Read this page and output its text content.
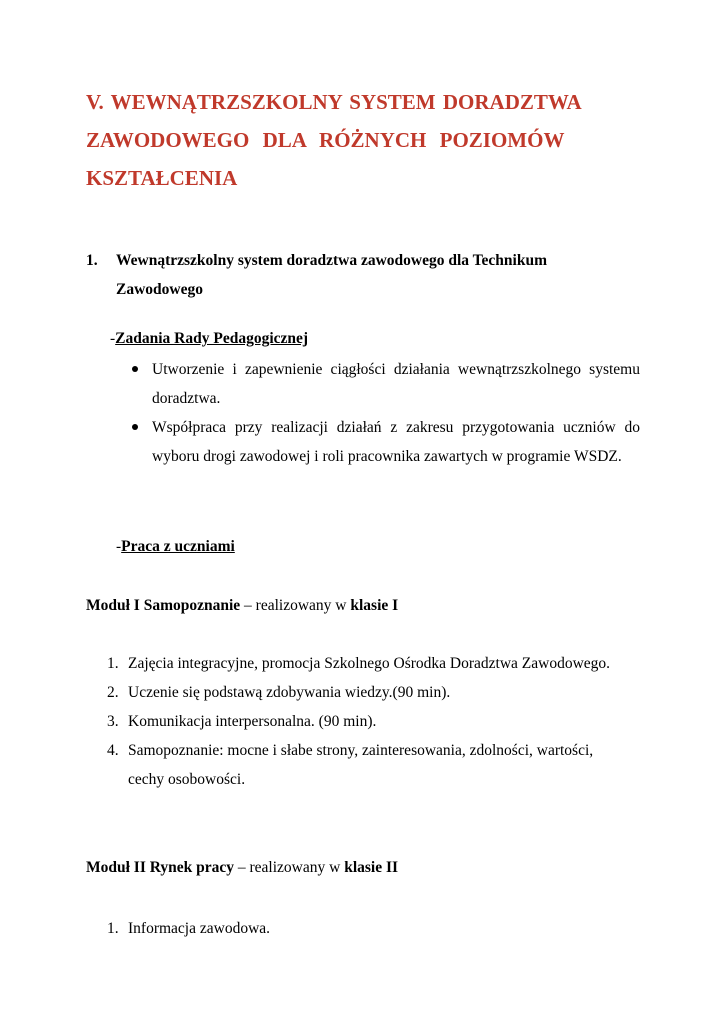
V. WEWNĄTRZSZKOLNY SYSTEM DORADZTWA
ZAWODOWEGO DLA RÓŻNYCH POZIOMÓW
KSZTAŁCENIA
1. Wewnątrzszkolny system doradztwa zawodowego dla Technikum
Zawodowego
-Zadania Rady Pedagogicznej
Utworzenie i zapewnienie ciągłości działania wewnątrzszkolnego systemu doradztwa.
Współpraca przy realizacji działań z zakresu przygotowania uczniów do wyboru drogi zawodowej i roli pracownika zawartych w programie WSDZ.
-Praca z uczniami
Moduł I Samopoznanie – realizowany w klasie I
1. Zajęcia integracyjne, promocja Szkolnego Ośrodka Doradztwa Zawodowego.
2. Uczenie się podstawą zdobywania wiedzy.(90 min).
3. Komunikacja interpersonalna. (90 min).
4. Samopoznanie: mocne i słabe strony, zainteresowania, zdolności, wartości, cechy osobowości.
Moduł II Rynek pracy – realizowany w klasie II
1. Informacja zawodowa.
